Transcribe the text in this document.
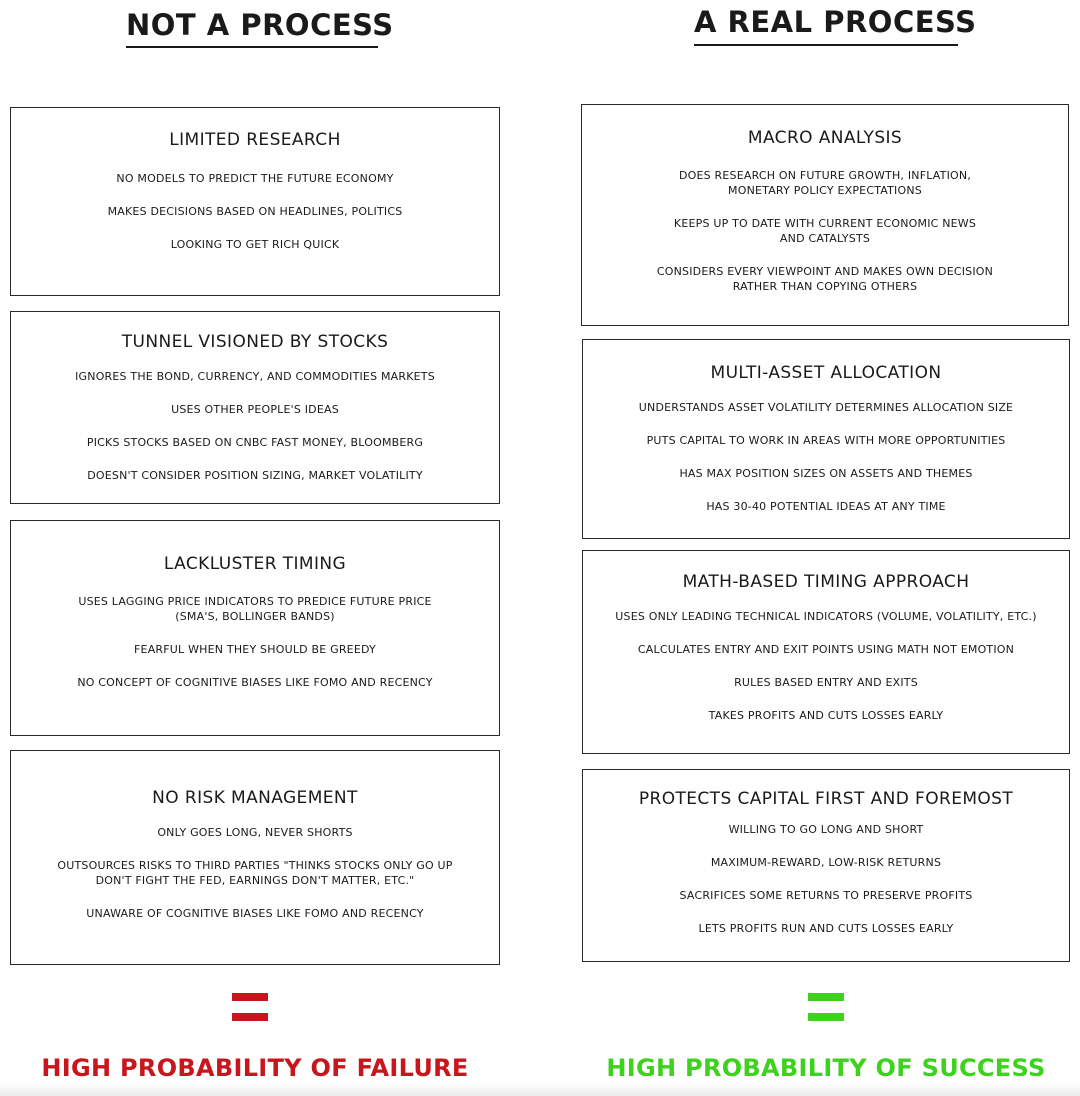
NOT A PROCESS
LIMITED RESEARCH
NO MODELS TO PREDICT THE FUTURE ECONOMY
MAKES DECISIONS BASED ON HEADLINES, POLITICS
LOOKING TO GET RICH QUICK
TUNNEL VISIONED BY STOCKS
IGNORES THE BOND, CURRENCY, AND COMMODITIES MARKETS
USES OTHER PEOPLE'S IDEAS
PICKS STOCKS BASED ON CNBC FAST MONEY, BLOOMBERG
DOESN'T CONSIDER POSITION SIZING, MARKET VOLATILITY
LACKLUSTER TIMING
USES LAGGING PRICE INDICATORS TO PREDICE FUTURE PRICE
(SMA'S, BOLLINGER BANDS)
FEARFUL WHEN THEY SHOULD BE GREEDY
NO CONCEPT OF COGNITIVE BIASES LIKE FOMO AND RECENCY
NO RISK MANAGEMENT
ONLY GOES LONG, NEVER SHORTS
OUTSOURCES RISKS TO THIRD PARTIES "THINKS STOCKS ONLY GO UP
DON'T FIGHT THE FED, EARNINGS DON'T MATTER, ETC."
UNAWARE OF COGNITIVE BIASES LIKE FOMO AND RECENCY

HIGH PROBABILITY OF FAILURE

A REAL PROCESS
MACRO ANALYSIS
DOES RESEARCH ON FUTURE GROWTH, INFLATION,
MONETARY POLICY EXPECTATIONS
KEEPS UP TO DATE WITH CURRENT ECONOMIC NEWS
AND CATALYSTS
CONSIDERS EVERY VIEWPOINT AND MAKES OWN DECISION
RATHER THAN COPYING OTHERS
MULTI-ASSET ALLOCATION
UNDERSTANDS ASSET VOLATILITY DETERMINES ALLOCATION SIZE
PUTS CAPITAL TO WORK IN AREAS WITH MORE OPPORTUNITIES
HAS MAX POSITION SIZES ON ASSETS AND THEMES
HAS 30-40 POTENTIAL IDEAS AT ANY TIME
MATH-BASED TIMING APPROACH
USES ONLY LEADING TECHNICAL INDICATORS (VOLUME, VOLATILITY, ETC.)
CALCULATES ENTRY AND EXIT POINTS USING MATH NOT EMOTION
RULES BASED ENTRY AND EXITS
TAKES PROFITS AND CUTS LOSSES EARLY
PROTECTS CAPITAL FIRST AND FOREMOST
WILLING TO GO LONG AND SHORT
MAXIMUM-REWARD, LOW-RISK RETURNS
SACRIFICES SOME RETURNS TO PRESERVE PROFITS
LETS PROFITS RUN AND CUTS LOSSES EARLY

HIGH PROBABILITY OF SUCCESS
